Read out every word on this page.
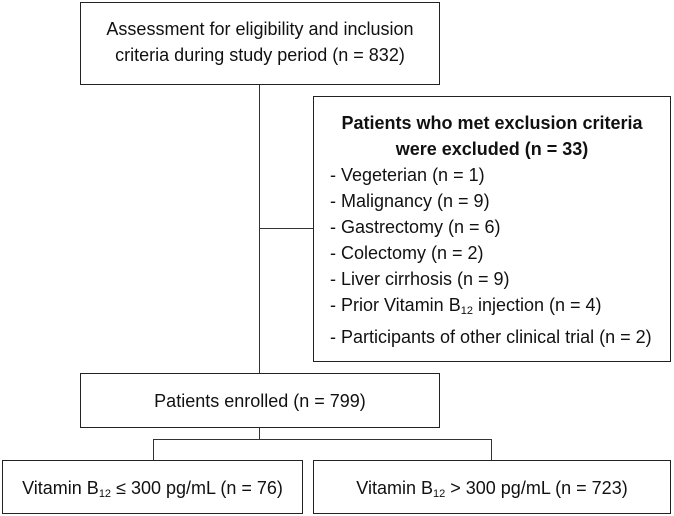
Assessment for eligibility and inclusion
criteria during study period (n = 832)
Patients who met exclusion criteria
were excluded (n = 33)
- Vegeterian (n = 1)
- Malignancy (n = 9)
- Gastrectomy (n = 6)
- Colectomy (n = 2)
- Liver cirrhosis (n = 9)
- Prior Vitamin $B_{12}$ injection (n = 4)
- Participants of other clinical trial (n = 2)
Patients enrolled (n = 799)
Vitamin $B_{12} \le 300$ pg/mL (n = 76)	Vitamin $B_{12} > 300$ pg/mL (n = 723)
